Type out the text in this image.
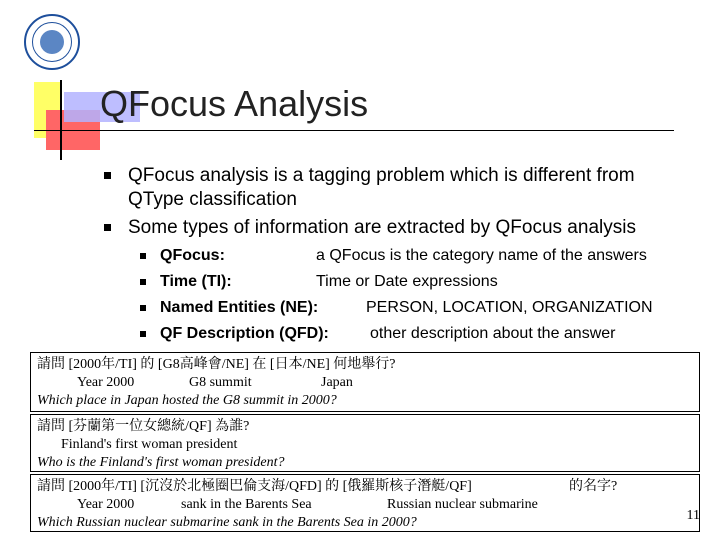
QFocus Analysis
QFocus analysis is a tagging problem which is different from
QType classification
Some types of information are extracted by QFocus analysis
QFocus:	a QFocus is the category name of the answers
Time (TI):	Time or Date expressions
Named Entities (NE):	PERSON, LOCATION, ORGANIZATION
QF Description (QFD):	other description about the answer
請問 [2000年/TI] 的 [G8高峰會/NE] 在 [日本/NE] 何地舉行?
Year 2000	G8 summit	Japan
Which place in Japan hosted the G8 summit in 2000?
請問 [芬蘭第一位女總統/QF] 為誰?
Finland's first woman president
Who is the Finland's first woman president?
請問 [2000年/TI] [沉沒於北極圈巴倫支海/QFD] 的 [俄羅斯核子潛艇/QF]	的名字?
Year 2000	sank in the Barents Sea	Russian nuclear submarine
Which Russian nuclear submarine sank in the Barents Sea in 2000?	11
